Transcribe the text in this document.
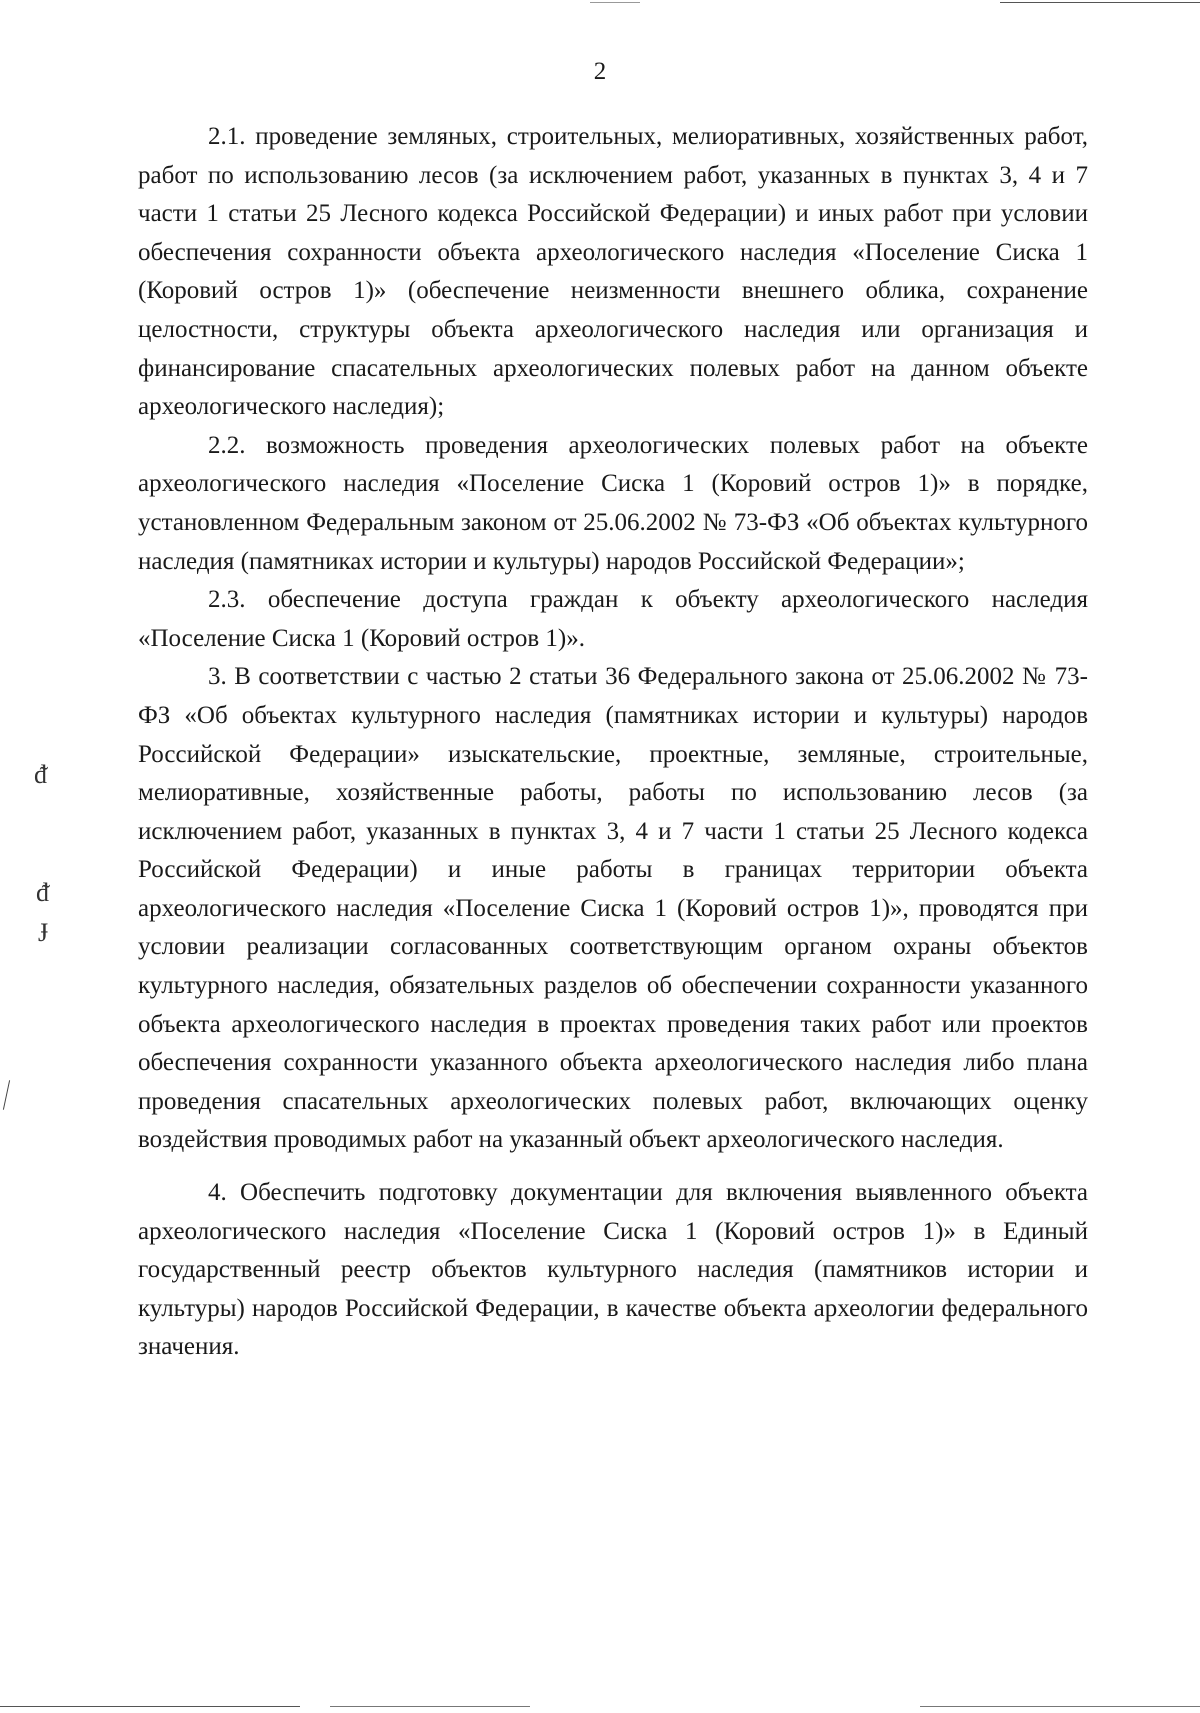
ᵭ
ᵭ
Ɉ
2

2.1. проведение земляных, строительных, мелиоративных, хозяйственных работ, работ по использованию лесов (за исключением работ, указанных в пунктах 3, 4 и 7 части 1 статьи 25 Лесного кодекса Российской Федерации) и иных работ при условии обеспечения сохранности объекта археологического наследия «Поселение Сиска 1 (Коровий остров 1)» (обеспечение неизменности внешнего облика, сохранение целостности, структуры объекта археологического наследия или организация и финансирование спасательных археологических полевых работ на данном объекте археологического наследия);

2.2. возможность проведения археологических полевых работ на объекте археологического наследия «Поселение Сиска 1 (Коровий остров 1)» в порядке, установленном Федеральным законом от 25.06.2002 № 73-ФЗ «Об объектах культурного наследия (памятниках истории и культуры) народов Российской Федерации»;

2.3. обеспечение доступа граждан к объекту археологического наследия «Поселение Сиска 1 (Коровий остров 1)».

3. В соответствии с частью 2 статьи 36 Федерального закона от 25.06.2002 № 73-ФЗ «Об объектах культурного наследия (памятниках истории и культуры) народов Российской Федерации» изыскательские, проектные, земляные, строительные, мелиоративные, хозяйственные работы, работы по использованию лесов (за исключением работ, указанных в пунктах 3, 4 и 7 части 1 статьи 25 Лесного кодекса Российской Федерации) и иные работы в границах территории объекта археологического наследия «Поселение Сиска 1 (Коровий остров 1)», проводятся при условии реализации согласованных соответствующим органом охраны объектов культурного наследия, обязательных разделов об обеспечении сохранности указанного объекта археологического наследия в проектах проведения таких работ или проектов обеспечения сохранности указанного объекта археологического наследия либо плана проведения спасательных археологических полевых работ, включающих оценку воздействия проводимых работ на указанный объект археологического наследия.

4. Обеспечить подготовку документации для включения выявленного объекта археологического наследия «Поселение Сиска 1 (Коровий остров 1)» в Единый государственный реестр объектов культурного наследия (памятников истории и культуры) народов Российской Федерации, в качестве объекта археологии федерального значения.
